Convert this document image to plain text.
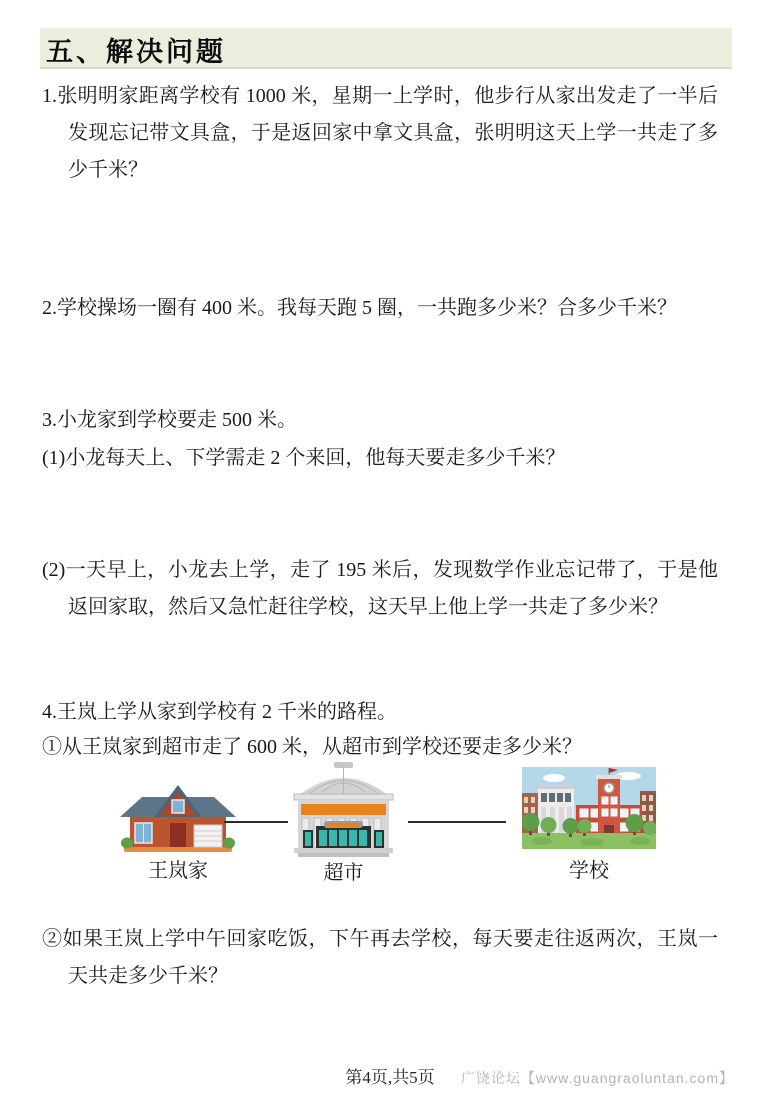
五、解决问题
1.张明明家距离学校有 1000 米，星期一上学时，他步行从家出发走了一半后发现忘记带文具盒，于是返回家中拿文具盒，张明明这天上学一共走了多少千米？
2.学校操场一圈有 400 米。我每天跑 5 圈，一共跑多少米？合多少千米？
3.小龙家到学校要走 500 米。
(1)小龙每天上、下学需走 2 个来回，他每天要走多少千米？
(2)一天早上，小龙去上学，走了 195 米后，发现数学作业忘记带了，于是他返回家取，然后又急忙赶往学校，这天早上他上学一共走了多少米？
4.王岚上学从家到学校有 2 千米的路程。
①从王岚家到超市走了 600 米，从超市到学校还要走多少米？
②如果王岚上学中午回家吃饭，下午再去学校，每天要走往返两次，王岚一天共走多少千米？
王岚家	超市	学校
第4页,共5页	广饶论坛【www.guangraoluntan.com】
